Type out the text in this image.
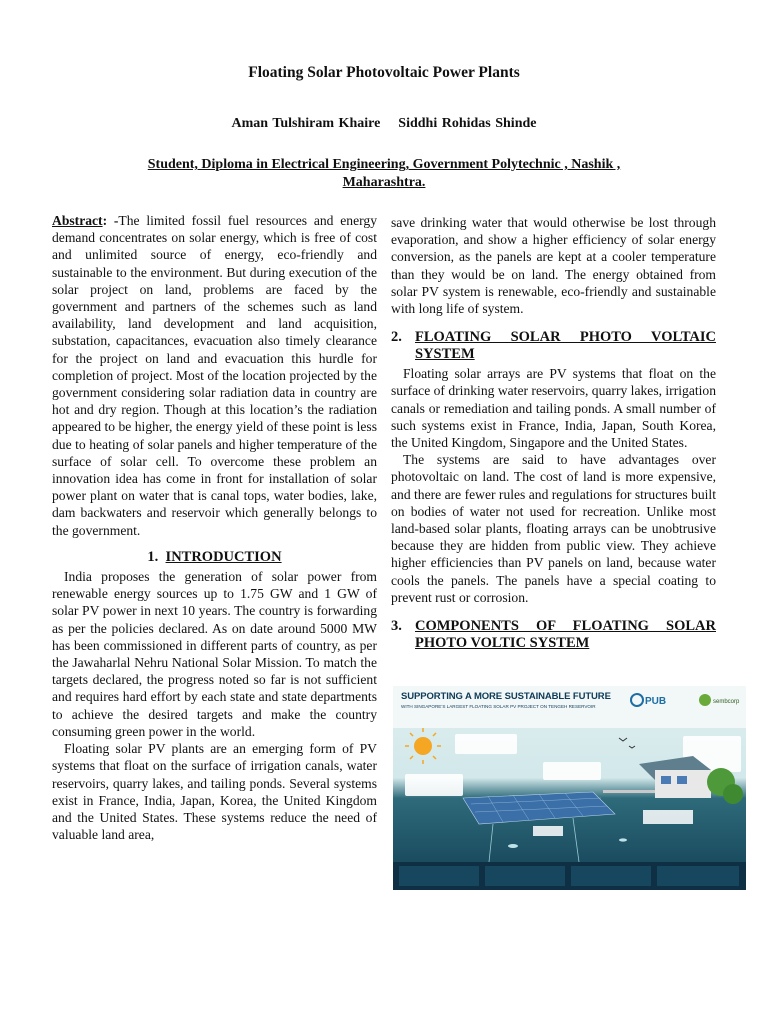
Floating Solar Photovoltaic Power Plants
Aman Tulshiram Khaire    Siddhi Rohidas Shinde
Student, Diploma in Electrical Engineering, Government Polytechnic , Nashik , Maharashtra.

Abstract: -The limited fossil fuel resources and energy demand concentrates on solar energy, which is free of cost and unlimited source of energy, eco-friendly and sustainable to the environment. But during execution of the solar project on land, problems are faced by the government and partners of the schemes such as land availability, land development and land acquisition, substation, capacitances, evacuation also timely clearance for the project on land and evacuation this hurdle for completion of project. Most of the location projected by the government considering solar radiation data in country are hot and dry region. Though at this location’s the radiation appeared to be higher, the energy yield of these point is less due to heating of solar panels and higher temperature of the surface of solar cell. To overcome these problem an innovation idea has come in front for installation of solar power plant on water that is canal tops, water bodies, lake, dam backwaters and reservoir which generally belongs to the government.

1. INTRODUCTION

India proposes the generation of solar power from renewable energy sources up to 1.75 GW and 1 GW of solar PV power in next 10 years. The country is forwarding as per the policies declared. As on date around 5000 MW has been commissioned in different parts of country, as per the Jawaharlal Nehru National Solar Mission. To match the targets declared, the progress noted so far is not sufficient and requires hard effort by each state and state departments to achieve the desired targets and make the country consuming green power in the world.

Floating solar PV plants are an emerging form of PV systems that float on the surface of irrigation canals, water reservoirs, quarry lakes, and tailing ponds. Several systems exist in France, India, Japan, Korea, the United Kingdom and the United States. These systems reduce the need of valuable land area,

save drinking water that would otherwise be lost through evaporation, and show a higher efficiency of solar energy conversion, as the panels are kept at a cooler temperature than they would be on land. The energy obtained from solar PV system is renewable, eco-friendly and sustainable with long life of system.

2. FLOATING SOLAR PHOTO VOLTAIC SYSTEM

Floating solar arrays are PV systems that float on the surface of drinking water reservoirs, quarry lakes, irrigation canals or remediation and tailing ponds. A small number of such systems exist in France, India, Japan, South Korea, the United Kingdom, Singapore and the United States.

The systems are said to have advantages over photovoltaic on land. The cost of land is more expensive, and there are fewer rules and regulations for structures built on bodies of water not used for recreation. Unlike most land-based solar plants, floating arrays can be unobtrusive because they are hidden from public view. They achieve higher efficiencies than PV panels on land, because water cools the panels. The panels have a special coating to prevent rust or corrosion.

3. COMPONENTS OF FLOATING SOLAR PHOTO VOLTIC SYSTEM
PUB	sembcorp
SUPPORTING A MORE SUSTAINABLE FUTURE
WITH SINGAPORE’S LARGEST FLOATING SOLAR PV PROJECT ON TENGEH RESERVOIR
